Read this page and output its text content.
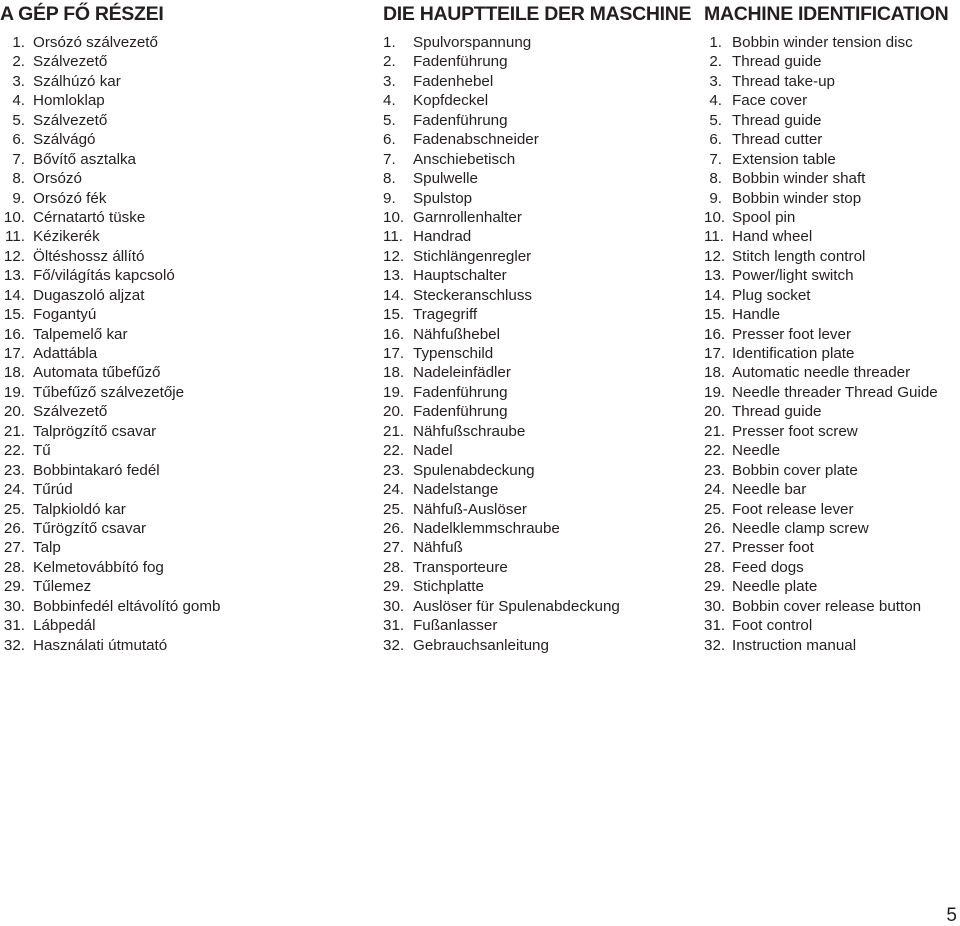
A GÉP FŐ RÉSZEI
1. Orsózó szálvezető
2. Szálvezető
3. Szálhúzó kar
4. Homloklap
5. Szálvezető
6. Szálvágó
7. Bővítő asztalka
8. Orsózó
9. Orsózó fék
10. Cérnatartó tüske
11. Kézikerék
12. Öltéshossz állító
13. Fő/világítás kapcsoló
14. Dugaszoló aljzat
15. Fogantyú
16. Talpemelő kar
17. Adattábla
18. Automata tűbefűző
19. Tűbefűző szálvezetője
20. Szálvezető
21. Talprögzítő csavar
22. Tű
23. Bobbintakaró fedél
24. Tűrúd
25. Talpkioldó kar
26. Tűrögzítő csavar
27. Talp
28. Kelmetovábbító fog
29. Tűlemez
30. Bobbinfedél eltávolító gomb
31. Lábpedál
32. Használati útmutató
DIE HAUPTTEILE DER MASCHINE
1.	Spulvorspannung
2.	Fadenführung
3.	Fadenhebel
4.	Kopfdeckel
5.	Fadenführung
6.	Fadenabschneider
7.	Anschiebetisch
8.	Spulwelle
9.	Spulstop
10. Garnrollenhalter
11. Handrad
12. Stichlängenregler
13. Hauptschalter
14. Steckeranschluss
15. Tragegriff
16. Nähfußhebel
17. Typenschild
18. Nadeleinfädler
19. Fadenführung
20. Fadenführung
21. Nähfußschraube
22. Nadel
23. Spulenabdeckung
24. Nadelstange
25. Nähfuß-Auslöser
26. Nadelklemmschraube
27. Nähfuß
28. Transporteure
29. Stichplatte
30. Auslöser für Spulenabdeckung
31. Fußanlasser
32. Gebrauchsanleitung
MACHINE IDENTIFICATION
1. Bobbin winder tension disc
2. Thread guide
3. Thread take-up
4. Face cover
5. Thread guide
6. Thread cutter
7. Extension table
8. Bobbin winder shaft
9. Bobbin winder stop
10. Spool pin
11. Hand wheel
12. Stitch length control
13. Power/light switch
14. Plug socket
15. Handle
16. Presser foot lever
17. Identification plate
18. Automatic needle threader
19. Needle threader Thread Guide
20. Thread guide
21. Presser foot screw
22. Needle
23. Bobbin cover plate
24. Needle bar
25. Foot release lever
26. Needle clamp screw
27. Presser foot
28. Feed dogs
29. Needle plate
30. Bobbin cover release button
31. Foot control
32. Instruction manual
5
